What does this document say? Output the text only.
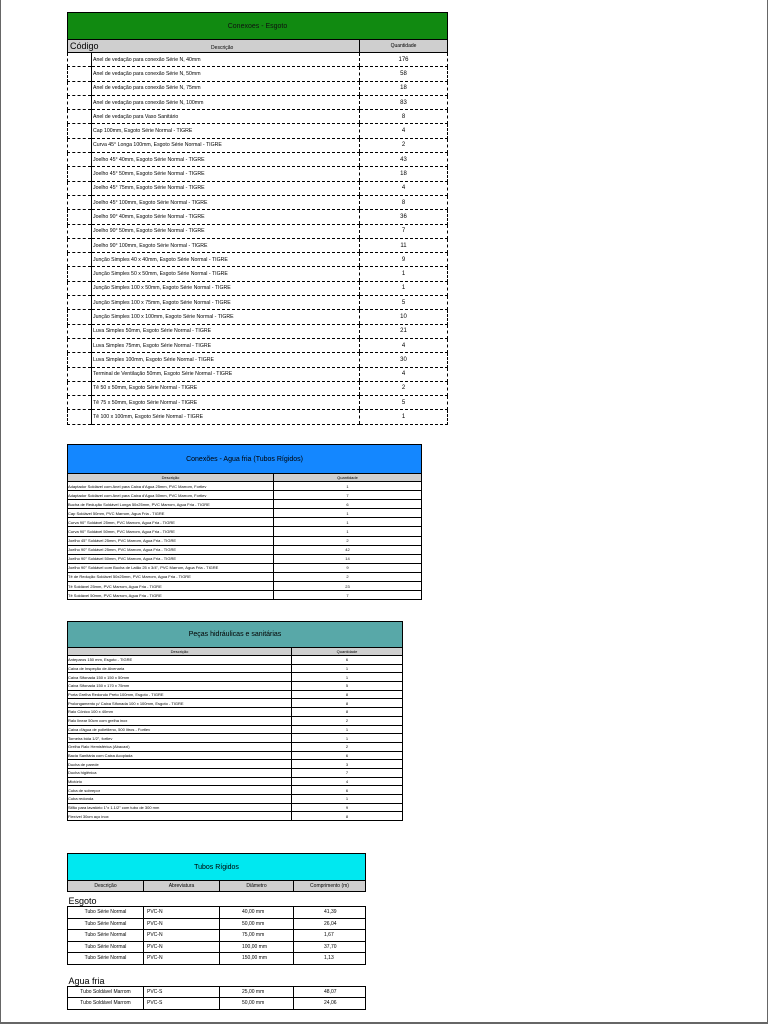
Conexoes - Esgoto		
Código Descrição		Quantidade
	Anel de vedação para conexão Série N, 40mm	176
	Anel de vedação para conexão Série N, 50mm	58
	Anel de vedação para conexão Série N, 75mm	18
	Anel de vedação para conexão Série N, 100mm	83
	Anel de vedação para Vaso Sanitário	8
	Cap 100mm, Esgoto Série Normal - TIGRE	4
	Curva 45° Longa 100mm, Esgoto Série Normal - TIGRE	2
	Joelho 45° 40mm, Esgoto Série Normal - TIGRE	43
	Joelho 45° 50mm, Esgoto Série Normal - TIGRE	18
	Joelho 45° 75mm, Esgoto Série Normal - TIGRE	4
	Joelho 45° 100mm, Esgoto Série Normal - TIGRE	8
	Joelho 90° 40mm, Esgoto Série Normal - TIGRE	36
	Joelho 90° 50mm, Esgoto Série Normal - TIGRE	7
	Joelho 90° 100mm, Esgoto Série Normal - TIGRE	11
	Junção Simples 40 x 40mm, Esgoto Série Normal - TIGRE	9
	Junção Simples 50 x 50mm, Esgoto Série Normal - TIGRE	1
	Junção Simples 100 x 50mm, Esgoto Série Normal - TIGRE	1
	Junção Simples 100 x 75mm, Esgoto Série Normal - TIGRE	5
	Junção Simples 100 x 100mm, Esgoto Série Normal - TIGRE	10
	Luva Simples 50mm, Esgoto Série Normal - TIGRE	21
	Luva Simples 75mm, Esgoto Série Normal - TIGRE	4
	Luva Simples 100mm, Esgoto Série Normal - TIGRE	30
	Terminal de Ventilação 50mm, Esgoto Série Normal - TIGRE	4
	Tê 50 x 50mm, Esgoto Série Normal - TIGRE	2
	Tê 75 x 50mm, Esgoto Série Normal - TIGRE	5
	Tê 100 x 100mm, Esgoto Série Normal - TIGRE	1
Conexões - Agua fria (Tubos Rígidos)	
Descrição	Quantidade
Adaptador Soldável com Anel para Caixa d'Agua 25mm, PVC Marrom, Fortlev	1
Adaptador Soldável com Anel para Caixa d'Agua 50mm, PVC Marrom, Fortlev	7
Bucha de Redução Soldável Longa 50x25mm, PVC Marrom, Agua Fria - TIGRE	6
Cap Soldável 50mm, PVC Marrom, Agua Fria - TIGRE	1
Curva 90° Soldável 25mm, PVC Marrom, Agua Fria - TIGRE	1
Curva 90° Soldável 50mm, PVC Marrom, Agua Fria - TIGRE	1
Joelho 45° Soldável 25mm, PVC Marrom, Agua Fria - TIGRE	2
Joelho 90° Soldável 25mm, PVC Marrom, Agua Fria - TIGRE	42
Joelho 90° Soldável 50mm, PVC Marrom, Agua Fria - TIGRE	14
Joelho 90° Soldável com Bucha de Latão 25 x 3/4", PVC Marrom, Agua Fria - TIGRE	9
Tê de Redução Soldável 50x25mm, PVC Marrom, Agua Fria - TIGRE	2
Tê Soldável 25mm, PVC Marrom, Agua Fria - TIGRE	23
Tê Soldável 50mm, PVC Marrom, Agua Fria - TIGRE	7
Peças hidráulicas e sanitárias	
Descrição	Quantidade
Anteparos 150 mm, Esgoto - TIGRE	6
Caixa de Inspeção de Alvenaria	1
Caixa Sifonada 150 x 150 x 50mm	1
Caixa Sifonada 150 x 170 x 75mm	5
Porta Grelha Redondo Preto 100mm, Esgoto - TIGRE	8
Prolongamento p/ Caixa Sifonada 100 x 100mm, Esgoto - TIGRE	8
Ralo Cônico 100 x 40mm	8
Ralo linear 50cm com grelha inox	2
Caixa d'água de polietileno, 500 litros - Fortlev	1
Torneira bóia 1/2", fortlev	1
Grelha Ralo Hemisférica (Abacaxi)	2
Bacia Sanitária com Caixa Acoplada	6
Ducha de parede	3
Ducha higiênica	7
Mictório	4
Cuba de sobrepor	6
Cuba redonda	1
Sifão para lavatório 1"x 1.1/2" com tubo de 300 mm	9
Flexível 30cm aço inox	8
Tubos Rígidos			
Descrição	Abreviatura	Diâmetro	Comprimento (m)
Esgoto			
Tubo Série Normal	PVC-N	40,00 mm	41,39
Tubo Série Normal	PVC-N	50,00 mm	26,04
Tubo Série Normal	PVC-N	75,00 mm	1,67
Tubo Série Normal	PVC-N	100,00 mm	37,70
Tubo Série Normal	PVC-N	150,00 mm	1,13

Agua fria			
Tubo Soldável Marrom	PVC-S	25,00 mm	48,07
Tubo Soldável Marrom	PVC-S	50,00 mm	24,06
